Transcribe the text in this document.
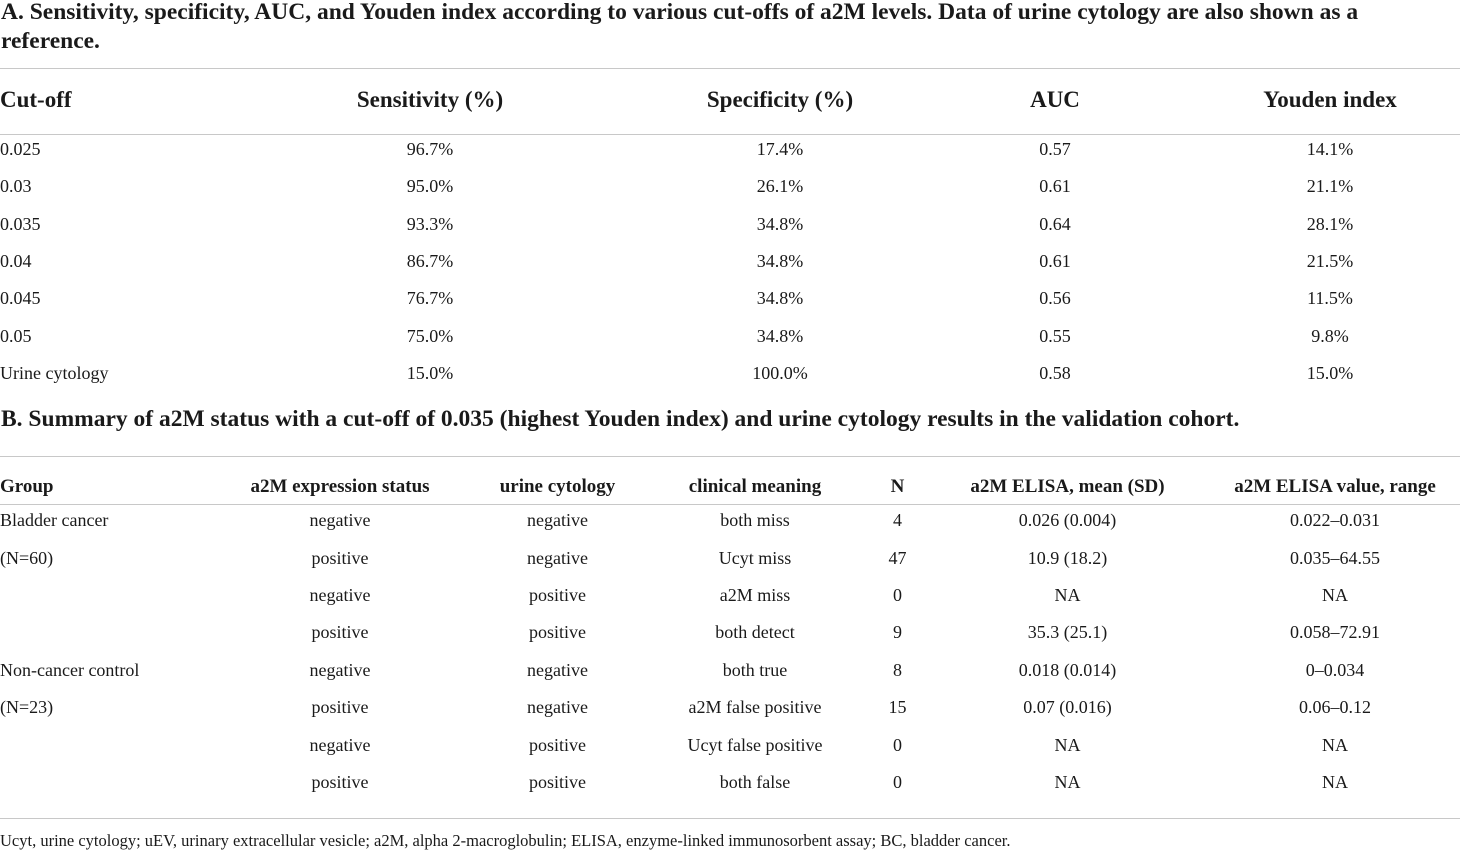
A. Sensitivity, specificity, AUC, and Youden index according to various cut-offs of a2M levels. Data of urine cytology are also shown as a reference.

Cut-off	Sensitivity (%)	Specificity (%)	AUC	Youden index
0.025	96.7%	17.4%	0.57	14.1%
0.03	95.0%	26.1%	0.61	21.1%
0.035	93.3%	34.8%	0.64	28.1%
0.04	86.7%	34.8%	0.61	21.5%
0.045	76.7%	34.8%	0.56	11.5%
0.05	75.0%	34.8%	0.55	9.8%
Urine cytology	15.0%	100.0%	0.58	15.0%

B. Summary of a2M status with a cut-off of 0.035 (highest Youden index) and urine cytology results in the validation cohort.

Group	a2M expression status	urine cytology	clinical meaning	N	a2M ELISA, mean (SD)	a2M ELISA value, range
Bladder cancer	negative	negative	both miss	4	0.026 (0.004)	0.022–0.031
(N=60)	positive	negative	Ucyt miss	47	10.9 (18.2)	0.035–64.55
	negative	positive	a2M miss	0	NA	NA
	positive	positive	both detect	9	35.3 (25.1)	0.058–72.91
Non-cancer control	negative	negative	both true	8	0.018 (0.014)	0–0.034
(N=23)	positive	negative	a2M false positive	15	0.07 (0.016)	0.06–0.12
	negative	positive	Ucyt false positive	0	NA	NA
	positive	positive	both false	0	NA	NA
Ucyt, urine cytology; uEV, urinary extracellular vesicle; a2M, alpha 2-macroglobulin; ELISA, enzyme-linked immunosorbent assay; BC, bladder cancer.
